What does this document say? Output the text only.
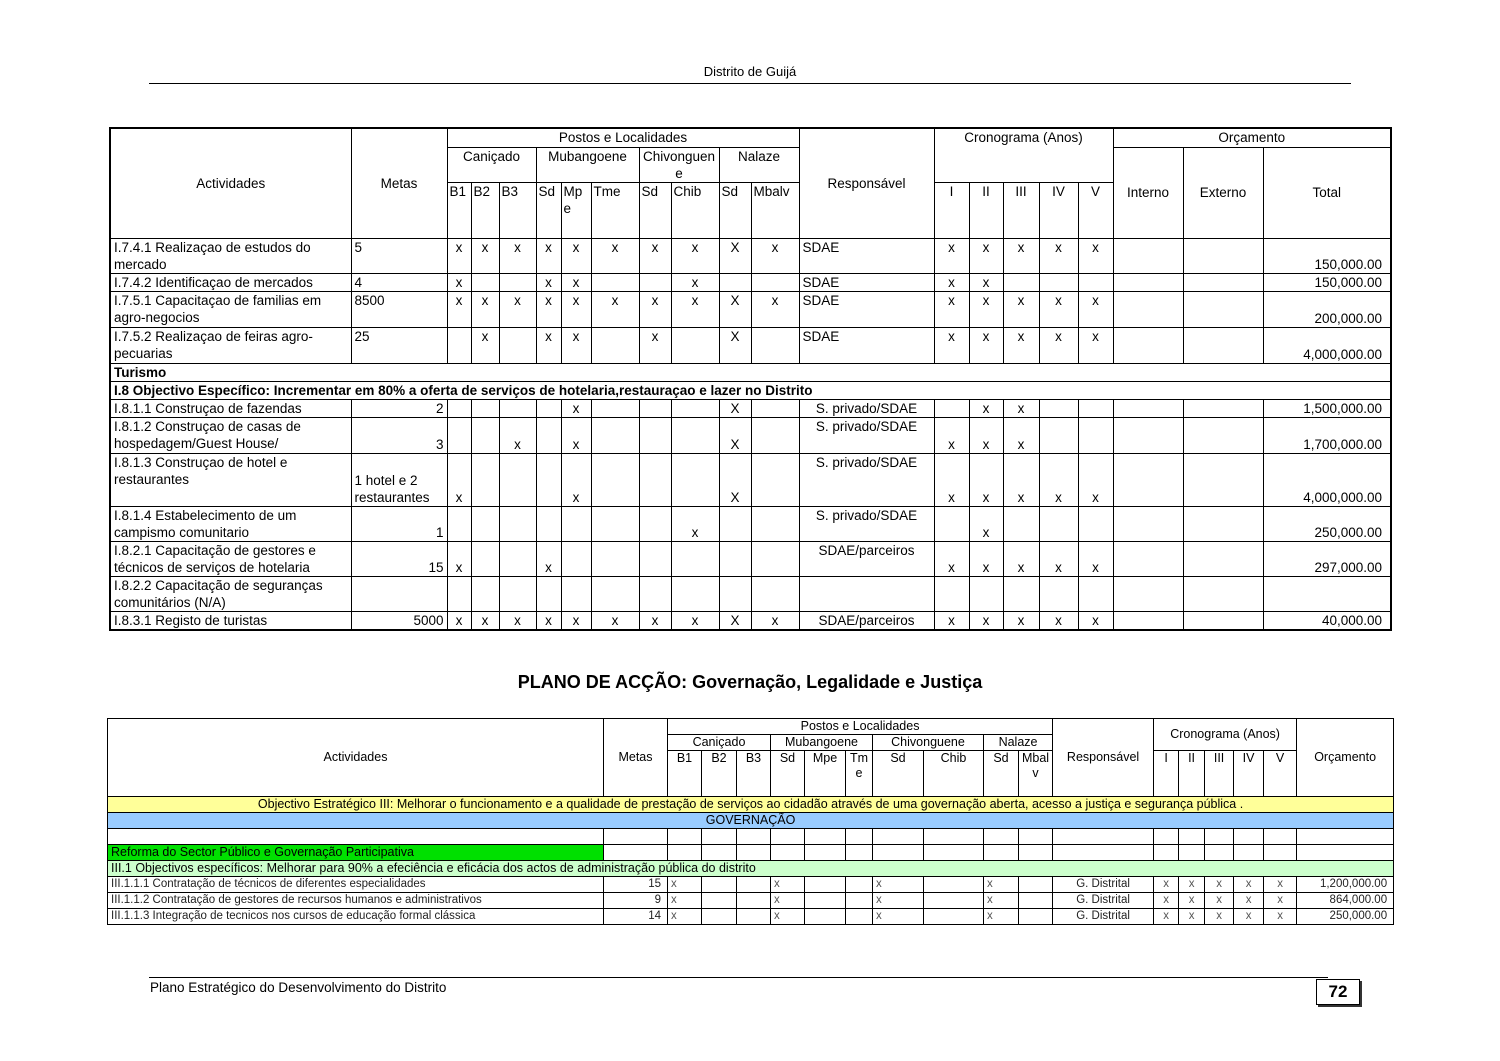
Distrito de Guijá
Actividades	Metas	Postos e Localidades										Responsável	Cronograma (Anos)					Orçamento		
		Caniçado			Mubangoene			Chivonguene		Nalaze								Interno	Externo	Total
		B1	B2	B3	Sd	Mpe	Tme	Sd	Chib	Sd	Mbalv		I	II	III	IV	V			
I.7.4.1 Realizaçao de estudos do mercado	5	x	x	x	x	x	x	x	x	X	x	SDAE	x	x	x	x	x			150,000.00
I.7.4.2 Identificaçao de mercados	4	x			x	x			x			SDAE	x	x						150,000.00
I.7.5.1 Capacitaçao de familias em agro-negocios	8500	x	x	x	x	x	x	x	x	X	x	SDAE	x	x	x	x	x			200,000.00
I.7.5.2 Realizaçao de feiras agro-pecuarias	25		x		x	x		x		X		SDAE	x	x	x	x	x			4,000,000.00
Turismo																				
I.8 Objectivo Específico: Incrementar em 80% a oferta de serviços de hotelaria,restauraçao e lazer no Distrito																				
I.8.1.1 Construçao de fazendas	2					x				X		S. privado/SDAE		x	x					1,500,000.00
I.8.1.2 Construçao de casas de hospedagem/Guest House/	3			x		x				X		S. privado/SDAE	x	x	x					1,700,000.00
I.8.1.3 Construçao de hotel e restaurantes	1 hotel e 2 restaurantes	x				x				X		S. privado/SDAE	x	x	x	x	x			4,000,000.00
I.8.1.4 Estabelecimento de um campismo comunitario	1								x			S. privado/SDAE		x						250,000.00
I.8.2.1 Capacitação de gestores e técnicos de serviços de hotelaria	15	x			x							SDAE/parceiros	x	x	x	x	x			297,000.00
I.8.2.2 Capacitação de seguranças comunitários (N/A)																				
I.8.3.1 Registo de turistas	5000	x	x	x	x	x	x	x	x	X	x	SDAE/parceiros	x	x	x	x	x			40,000.00
PLANO DE ACÇÃO: Governação, Legalidade e Justiça
Actividades	Metas	Postos e Localidades										Responsável	Cronograma (Anos)					Orçamento
		Caniçado			Mubangoene			Chivonguene		Nalaze								
		B1	B2	B3	Sd	Mpe	Tme	Sd	Chib	Sd	Mbalv		I	II	III	IV	V	
Objectivo Estratégico III: Melhorar o funcionamento e a qualidade de prestação de serviços ao cidadão através de uma governação aberta, acesso a justiça e segurança pública .																		
GOVERNAÇÃO																		

Reforma do Sector Público e Governação Participativa																		
III.1 Objectivos específicos: Melhorar para 90% a efeciência e eficácia dos actos de administração pública do distrito																		
III.1.1.1 Contratação de técnicos de diferentes especialidades	15	x			x			x		x		G. Distrital	x	x	x	x	x	1,200,000.00
III.1.1.2 Contratação de gestores de recursos humanos e administrativos	9	x			x			x		x		G. Distrital	x	x	x	x	x	864,000.00
III.1.1.3 Integração de tecnicos nos cursos de educação formal clássica	14	x			x			x		x		G. Distrital	x	x	x	x	x	250,000.00
Plano Estratégico do Desenvolvimento do Distrito	72
